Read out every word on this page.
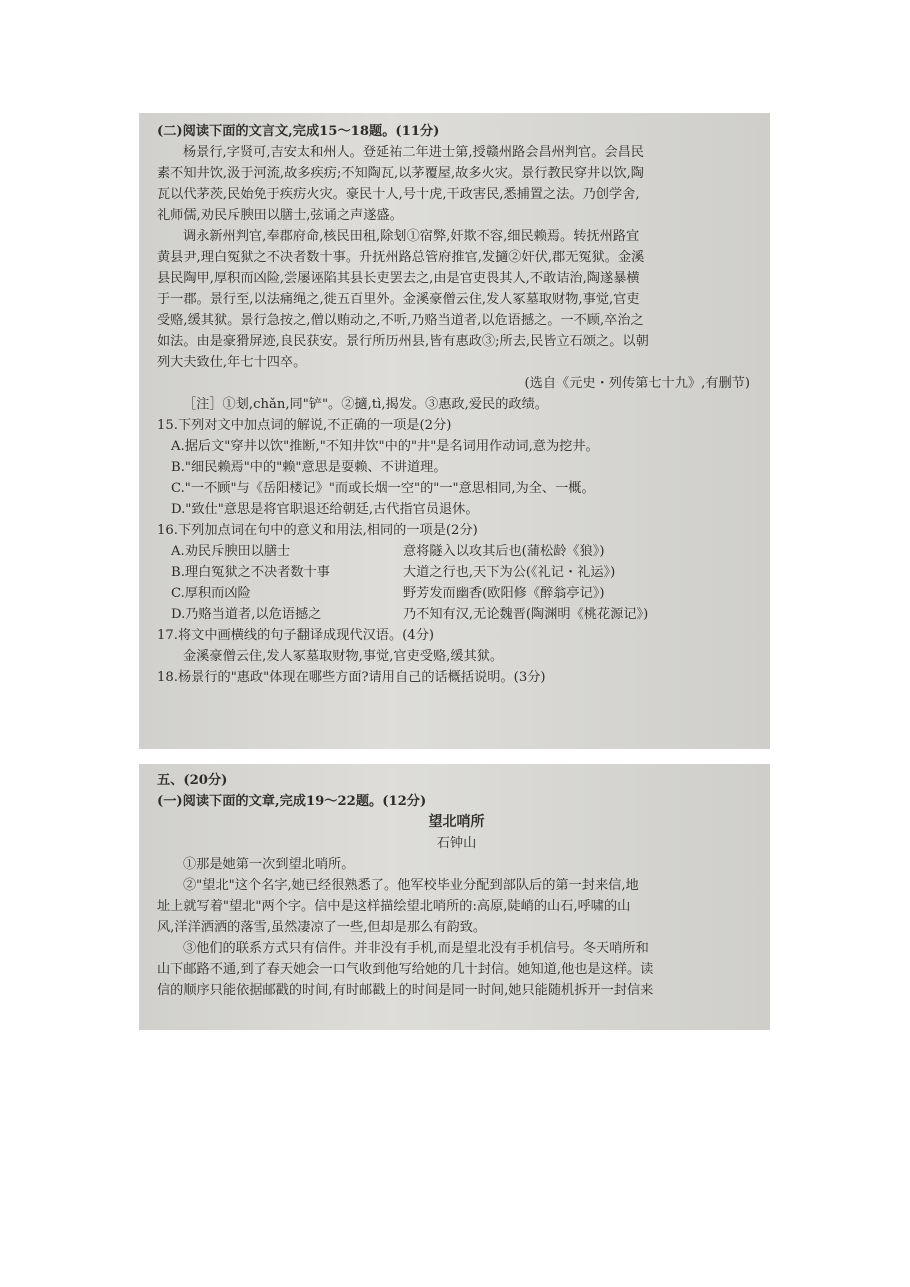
(二)阅读下面的文言文,完成15～18题。(11分)
杨景行,字贤可,吉安太和州人。登延祐二年进士第,授赣州路会昌州判官。会昌民
素不知井饮,汲于河流,故多疾疠;不知陶瓦,以茅覆屋,故多火灾。景行教民穿井以饮,陶
瓦以代茅茨,民始免于疾疠火灾。豪民十人,号十虎,干政害民,悉捕置之法。乃创学舍,
礼师儒,劝民斥腴田以膳士,弦诵之声遂盛。
调永新州判官,奉郡府命,核民田租,除刬①宿弊,奸欺不容,细民赖焉。转抚州路宜
黄县尹,理白冤狱之不决者数十事。升抚州路总管府推官,发擿②奸伏,郡无冤狱。金溪
县民陶甲,厚积而凶险,尝屡诬陷其县长吏罢去之,由是官吏畏其人,不敢诘治,陶遂暴横
于一郡。景行至,以法痛绳之,徙五百里外。金溪豪僧云住,发人冢墓取财物,事觉,官吏
受赂,缓其狱。景行急按之,僧以贿动之,不听,乃赂当道者,以危语撼之。一不顾,卒治之
如法。由是豪猾屏迹,良民获安。景行所历州县,皆有惠政③;所去,民皆立石颂之。以朝
列大夫致仕,年七十四卒。
(选自《元史・列传第七十九》,有删节)
［注］①刬,chǎn,同"铲"。②擿,tì,揭发。③惠政,爱民的政绩。
15.下列对文中加点词的解说,不正确的一项是(2分)
A.据后文"穿井以饮"推断,"不知井饮"中的"井"是名词用作动词,意为挖井。
B."细民赖焉"中的"赖"意思是耍赖、不讲道理。
C."一不顾"与《岳阳楼记》"而或长烟一空"的"一"意思相同,为全、一概。
D."致仕"意思是将官职退还给朝廷,古代指官员退休。
16.下列加点词在句中的意义和用法,相同的一项是(2分)
A.劝民斥腴田以膳士	意将隧入以攻其后也(蒲松龄《狼》)
B.理白冤狱之不决者数十事	大道之行也,天下为公(《礼记・礼运》)
C.厚积而凶险	野芳发而幽香(欧阳修《醉翁亭记》)
D.乃赂当道者,以危语撼之	乃不知有汉,无论魏晋(陶渊明《桃花源记》)
17.将文中画横线的句子翻译成现代汉语。(4分)
金溪豪僧云住,发人冢墓取财物,事觉,官吏受赂,缓其狱。
18.杨景行的"惠政"体现在哪些方面?请用自己的话概括说明。(3分)
五、(20分)
(一)阅读下面的文章,完成19～22题。(12分)
望北哨所
石钟山
①那是她第一次到望北哨所。
②"望北"这个名字,她已经很熟悉了。他军校毕业分配到部队后的第一封来信,地
址上就写着"望北"两个字。信中是这样描绘望北哨所的:高原,陡峭的山石,呼啸的山
风,洋洋洒洒的落雪,虽然凄凉了一些,但却是那么有韵致。
③他们的联系方式只有信件。并非没有手机,而是望北没有手机信号。冬天哨所和
山下邮路不通,到了春天她会一口气收到他写给她的几十封信。她知道,他也是这样。读
信的顺序只能依据邮戳的时间,有时邮戳上的时间是同一时间,她只能随机拆开一封信来
